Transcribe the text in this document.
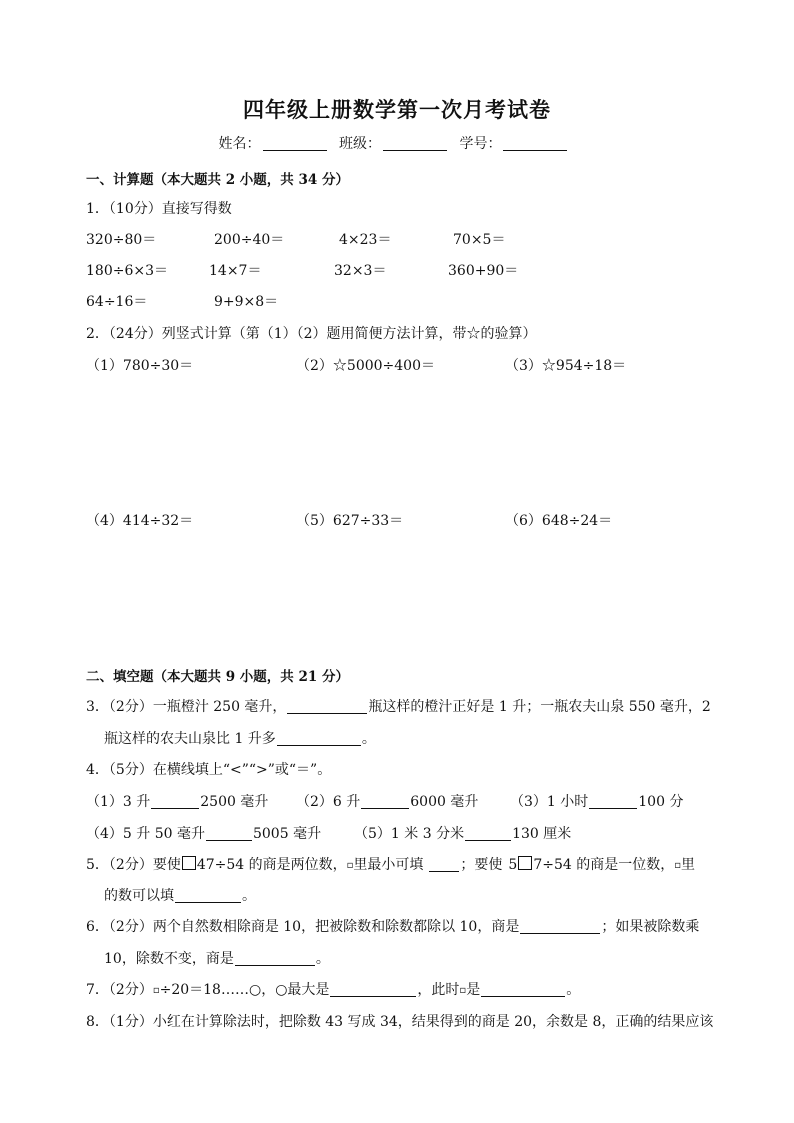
四年级上册数学第一次月考试卷
姓名：	班级：	学号：
一、计算题（本大题共 2 小题，共 34 分）
1．（10分）直接写得数
320÷80＝	200÷40＝	4×23＝	70×5＝
180÷6×3＝	14×7＝	32×3＝	360+90＝
64÷16＝	9+9×8＝
2．（24分）列竖式计算（第（1）（2）题用简便方法计算，带☆的验算）
（1）780÷30＝	（2）☆5000÷400＝	（3）☆954÷18＝
（4）414÷32＝	（5）627÷33＝	（6）648÷24＝
二、填空题（本大题共 9 小题，共 21 分）
3．（2分）一瓶橙汁 250 毫升，	瓶这样的橙汁正好是 1 升；一瓶农夫山泉 550 毫升，2
瓶这样的农夫山泉比 1 升多	。
4．（5分）在横线填上“<”“>”或“＝”。
（1）3 升	2500 毫升 （2）6 升	6000 毫升 （3）1 小时	100 分
（4）5 升 50 毫升	5005 毫升 （5）1 米 3 分米	130 厘米
5．（2分）要使 47÷54 的商是两位数，▫里最小可填	；要使 5 7÷54 的商是一位数，▫里
的数可以填	。
6．（2分）两个自然数相除商是 10，把被除数和除数都除以 10，商是	；如果被除数乘
10，除数不变，商是	。
7．（2分）▫÷20＝18……○，○最大是	，此时▫是	。
8．（1分）小红在计算除法时，把除数 43 写成 34，结果得到的商是 20，余数是 8，正确的结果应该
